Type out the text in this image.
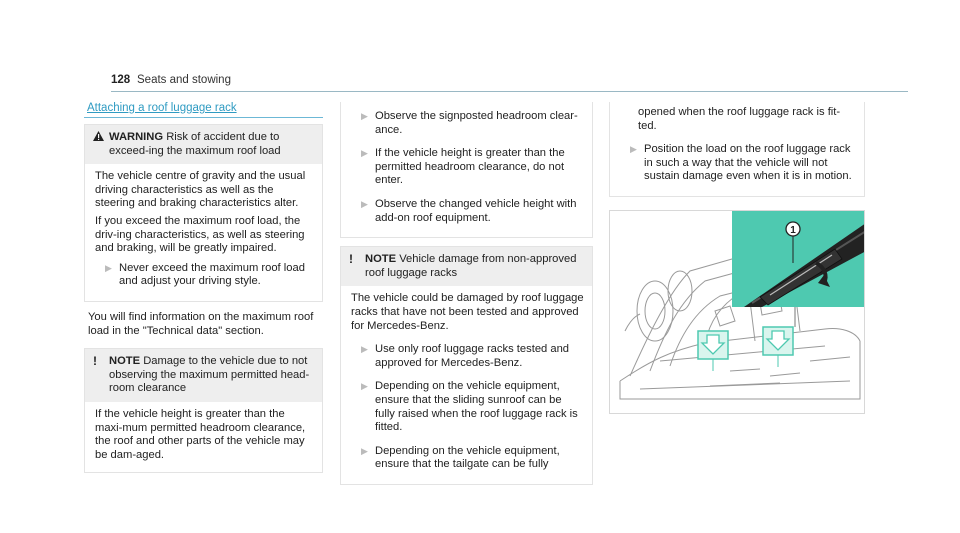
128 Seats and stowing
Attaching a roof luggage rack
WARNING Risk of accident due to exceed-ing the maximum roof load

The vehicle centre of gravity and the usual driving characteristics as well as the steering and braking characteristics alter.

If you exceed the maximum roof load, the driv-ing characteristics, as well as steering and braking, will be greatly impaired.

▶ Never exceed the maximum roof load and adjust your driving style.

You will find information on the maximum roof load in the "Technical data" section.

! NOTE Damage to the vehicle due to not observing the maximum permitted head-room clearance

If the vehicle height is greater than the maxi-mum permitted headroom clearance, the roof and other parts of the vehicle may be dam-aged.

▶ Observe the signposted headroom clear-ance.
▶ If the vehicle height is greater than the permitted headroom clearance, do not enter.
▶ Observe the changed vehicle height with add-on roof equipment.
! NOTE Vehicle damage from non-approved roof luggage racks

The vehicle could be damaged by roof luggage racks that have not been tested and approved for Mercedes-Benz.

▶ Use only roof luggage racks tested and approved for Mercedes-Benz.
▶ Depending on the vehicle equipment, ensure that the sliding sunroof can be fully raised when the roof luggage rack is fitted.
▶ Depending on the vehicle equipment, ensure that the tailgate can be fully

opened when the roof luggage rack is fit-ted.

▶ Position the load on the roof luggage rack in such a way that the vehicle will not sustain damage even when it is in motion.
1
